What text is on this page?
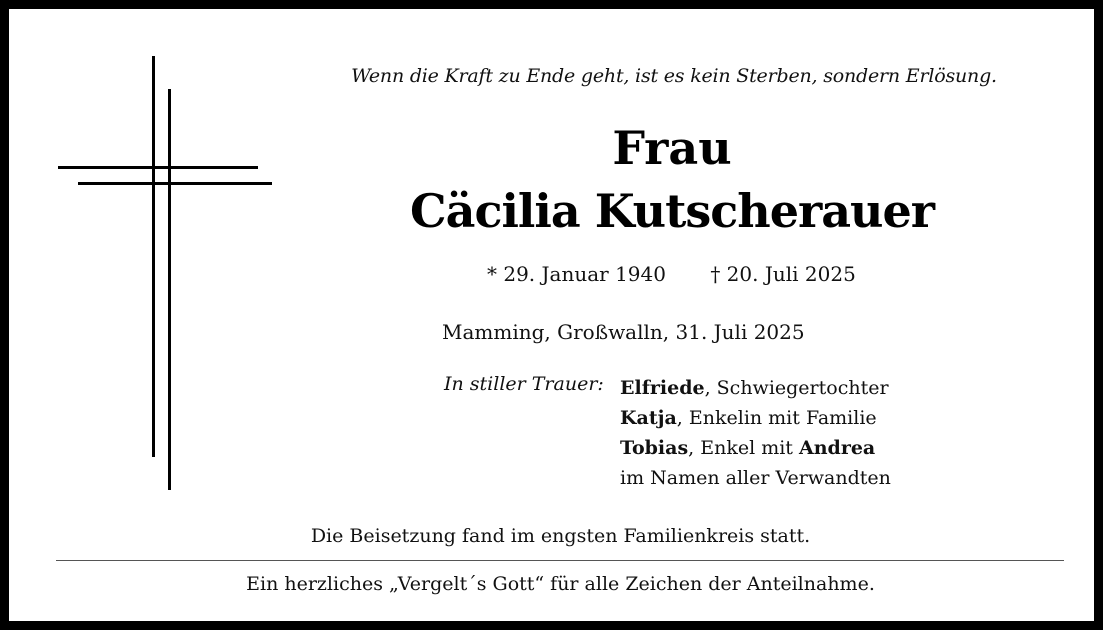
Wenn die Kraft zu Ende geht, ist es kein Sterben, sondern Erlösung.
Frau
Cäcilia Kutscherauer
* 29. Januar 1940 † 20. Juli 2025
Mamming, Großwalln, 31. Juli 2025
In stiller Trauer: Elfriede, Schwiegertochter
Katja, Enkelin mit Familie
Tobias, Enkel mit Andrea
im Namen aller Verwandten
Die Beisetzung fand im engsten Familienkreis statt.
Ein herzliches „Vergelt´s Gott“ für alle Zeichen der Anteilnahme.
